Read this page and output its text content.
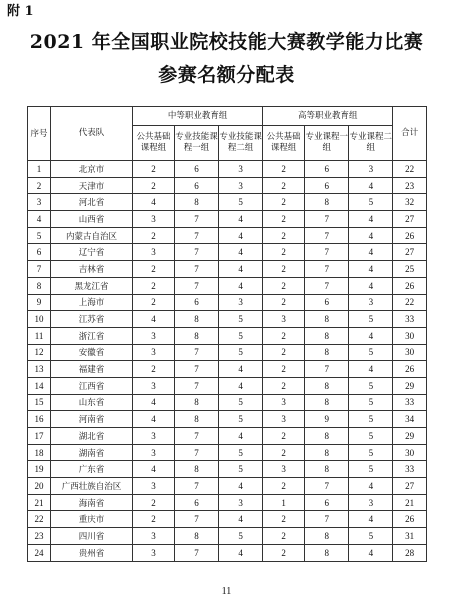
附 1
2021 年全国职业院校技能大赛教学能力比赛
参赛名额分配表
序号	代表队	中等职业教育组			高等职业教育组			合计
		公共基础课程组	专业技能课程一组	专业技能课程二组	公共基础课程组	专业课程一组	专业课程二组	
1	北京市	2	6	3	2	6	3	22
2	天津市	2	6	3	2	6	4	23
3	河北省	4	8	5	2	8	5	32
4	山西省	3	7	4	2	7	4	27
5	内蒙古自治区	2	7	4	2	7	4	26
6	辽宁省	3	7	4	2	7	4	27
7	吉林省	2	7	4	2	7	4	25
8	黑龙江省	2	7	4	2	7	4	26
9	上海市	2	6	3	2	6	3	22
10	江苏省	4	8	5	3	8	5	33
11	浙江省	3	8	5	2	8	4	30
12	安徽省	3	7	5	2	8	5	30
13	福建省	2	7	4	2	7	4	26
14	江西省	3	7	4	2	8	5	29
15	山东省	4	8	5	3	8	5	33
16	河南省	4	8	5	3	9	5	34
17	湖北省	3	7	4	2	8	5	29
18	湖南省	3	7	5	2	8	5	30
19	广东省	4	8	5	3	8	5	33
20	广西壮族自治区	3	7	4	2	7	4	27
21	海南省	2	6	3	1	6	3	21
22	重庆市	2	7	4	2	7	4	26
23	四川省	3	8	5	2	8	5	31
24	贵州省	3	7	4	2	8	4	28
11
